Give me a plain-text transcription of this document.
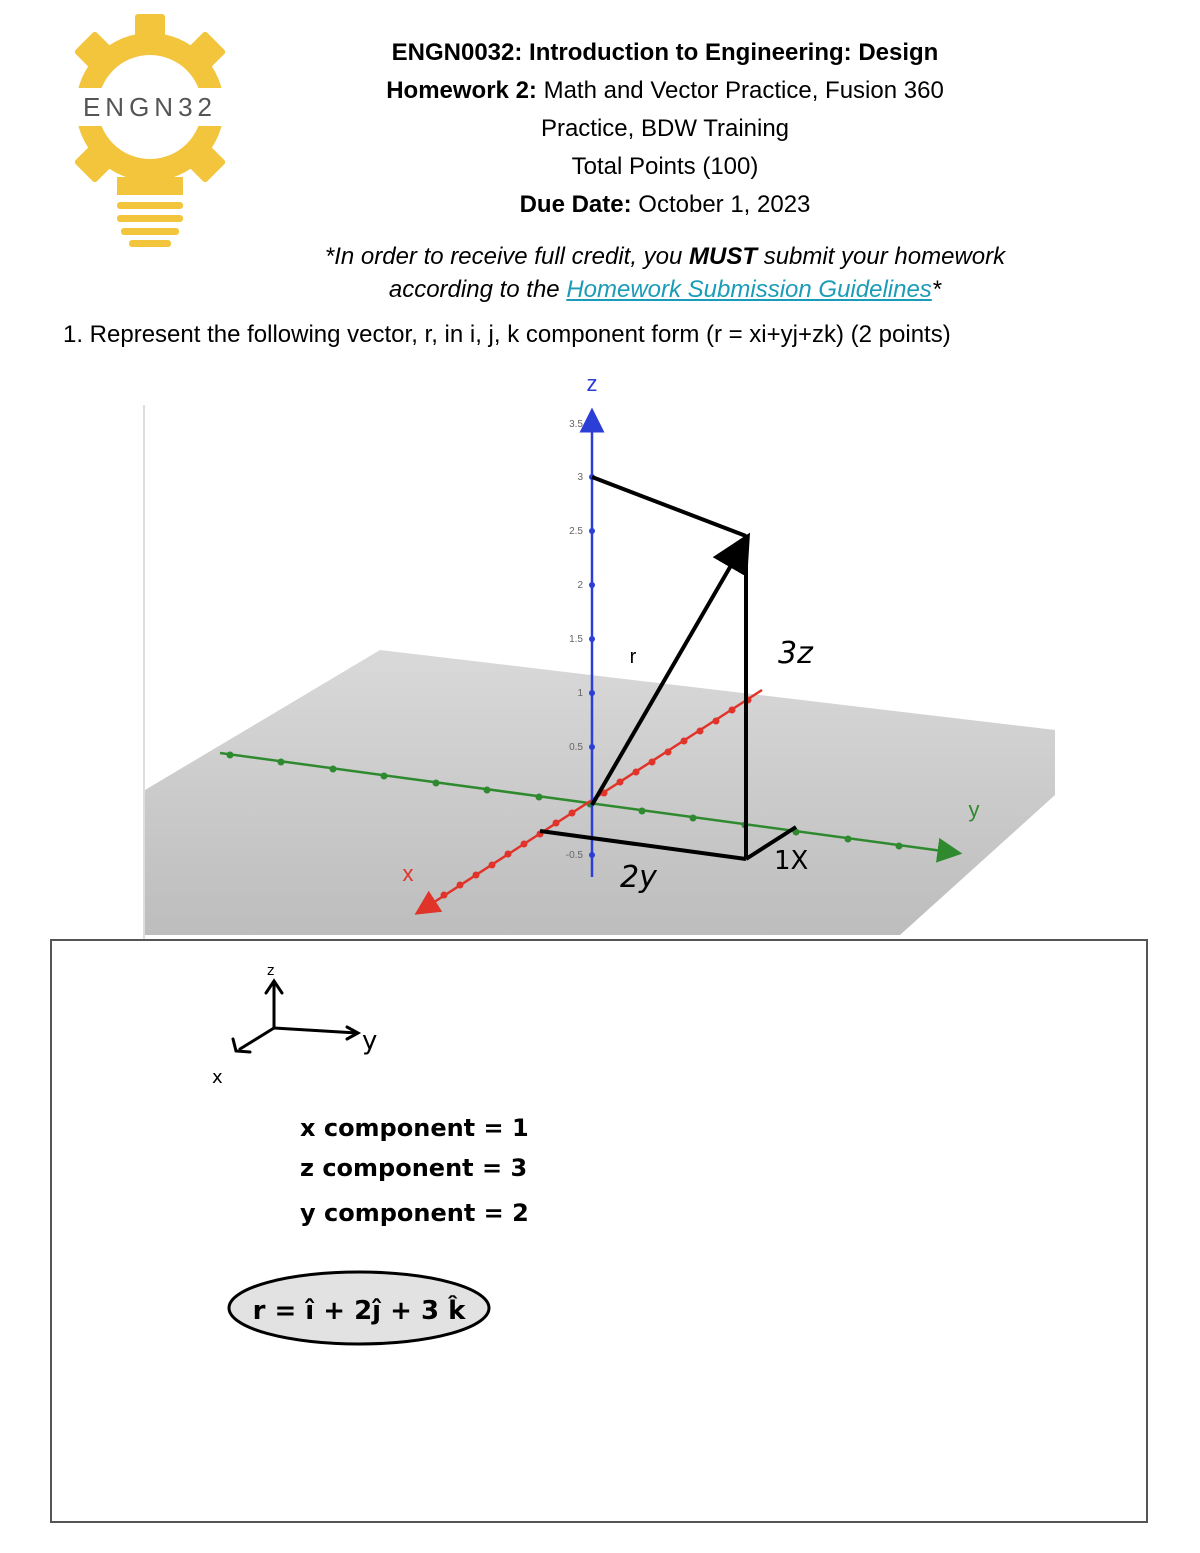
ENGN32
ENGN0032: Introduction to Engineering: Design
Homework 2: Math and Vector Practice, Fusion 360
Practice, BDW Training
Total Points (100)
Due Date: October 1, 2023
*In order to receive full credit, you MUST submit your homework
according to the Homework Submission Guidelines*
1. Represent the following vector, r, in i, j, k component form (r = xi+yj+zk) (2 points)
3.5
3
2.5
2
1.5
1
0.5
-0.5
z
x
y
r	3z
2y	1X
y
x
z
x component = 1
z component = 3
y component = 2
r = î + 2ĵ + 3 k̂
